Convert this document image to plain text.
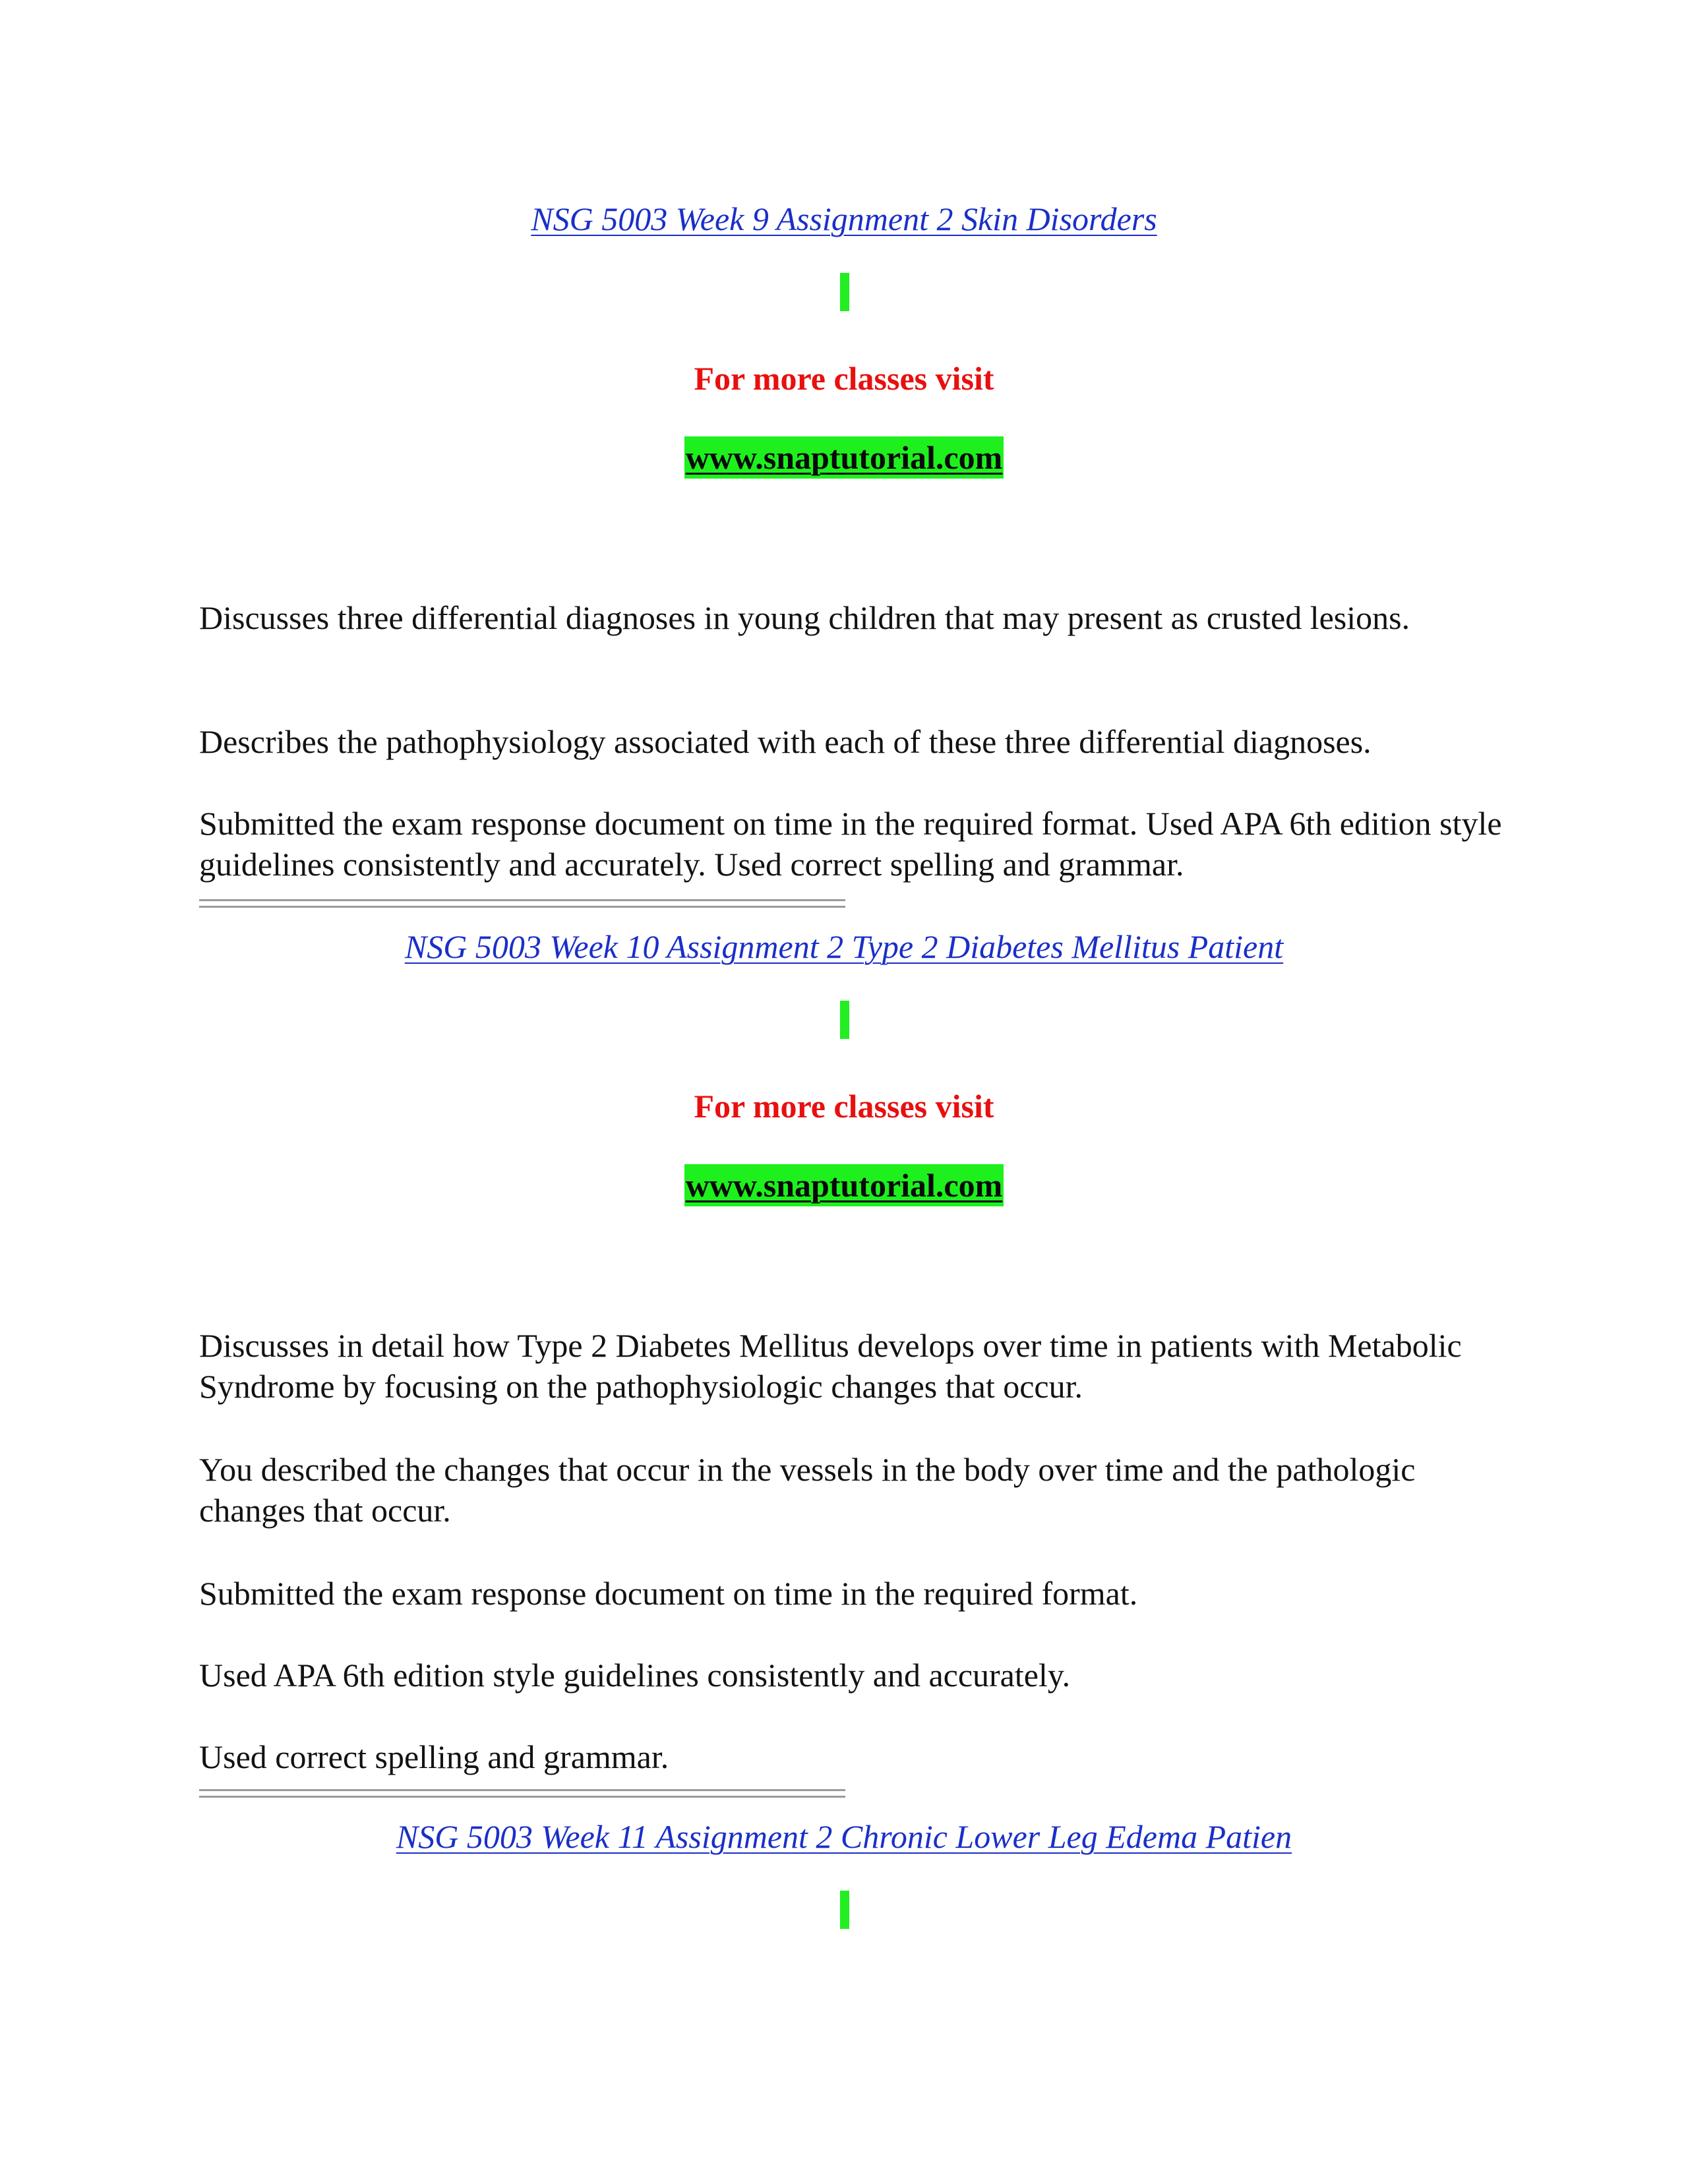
NSG 5003 Week 9 Assignment 2 Skin Disorders
For more classes visit
www.snaptutorial.com

Discusses three differential diagnoses in young children that may present as crusted lesions.

Describes the pathophysiology associated with each of these three differential diagnoses.

Submitted the exam response document on time in the required format. Used APA 6th edition style guidelines consistently and accurately. Used correct spelling and grammar.

NSG 5003 Week 10 Assignment 2 Type 2 Diabetes Mellitus Patient
For more classes visit
www.snaptutorial.com

Discusses in detail how Type 2 Diabetes Mellitus develops over time in patients with Metabolic Syndrome by focusing on the pathophysiologic changes that occur.

You described the changes that occur in the vessels in the body over time and the pathologic changes that occur.

Submitted the exam response document on time in the required format.

Used APA 6th edition style guidelines consistently and accurately.

Used correct spelling and grammar.

NSG 5003 Week 11 Assignment 2 Chronic Lower Leg Edema Patien
